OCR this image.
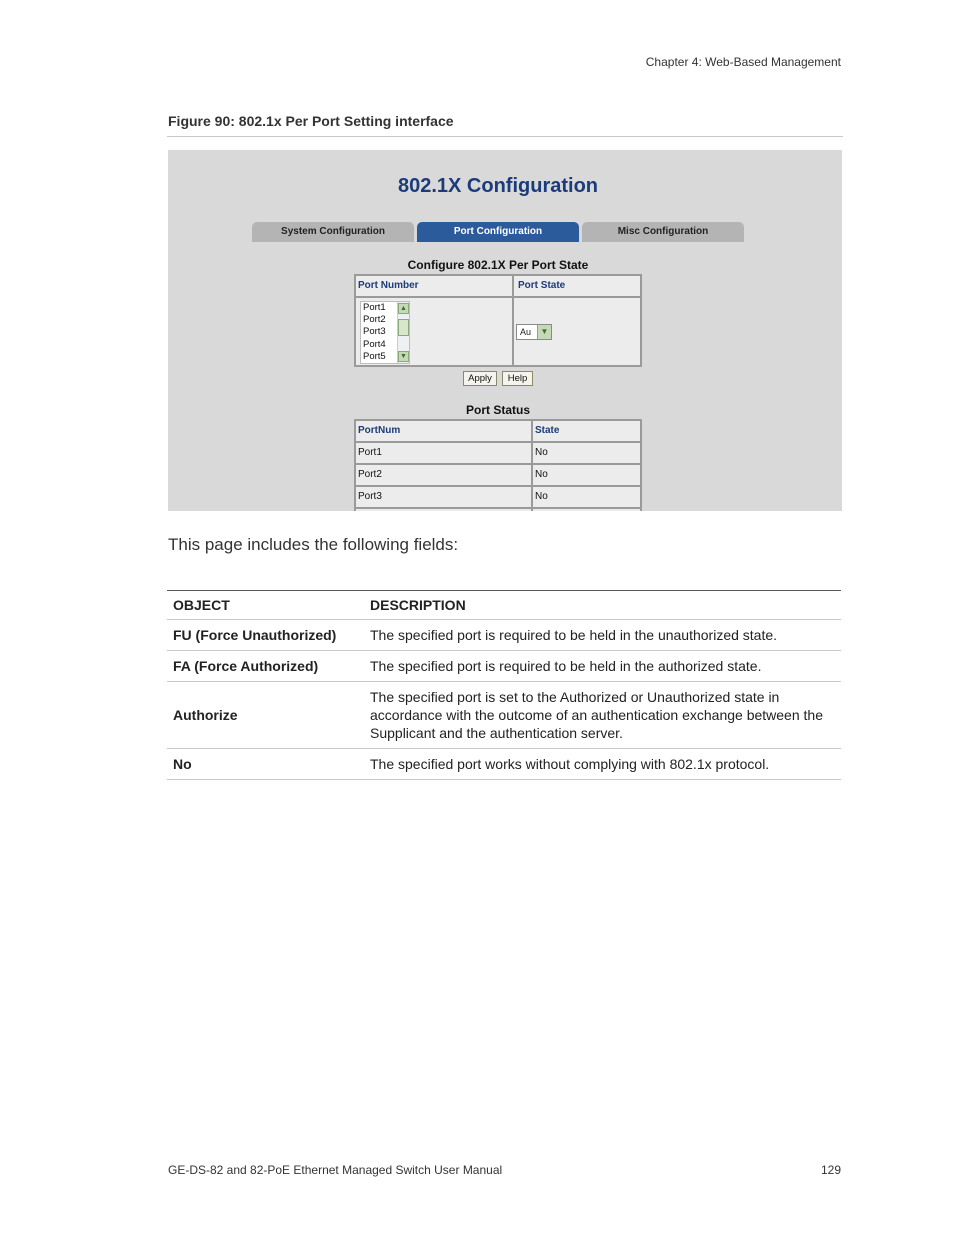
Chapter 4: Web-Based Management
Figure 90: 802.1x Per Port Setting interface
802.1X Configuration
System Configuration	Port Configuration	Misc Configuration
Configure 802.1X Per Port State
Port Number	Port State
Port1
Port2
Port3
Port4
Port5
▲
▼
Au	▼
Apply	Help
Port Status
PortNum	State
Port1	No
Port2	No
Port3	No
This page includes the following fields:
OBJECT	DESCRIPTION
FU (Force Unauthorized)	The specified port is required to be held in the unauthorized state.
FA (Force Authorized)	The specified port is required to be held in the authorized state.
Authorize	The specified port is set to the Authorized or Unauthorized state in accordance with the outcome of an authentication exchange between the Supplicant and the authentication server.
No	The specified port works without complying with 802.1x protocol.
GE-DS-82 and 82-PoE Ethernet Managed Switch User Manual	129
